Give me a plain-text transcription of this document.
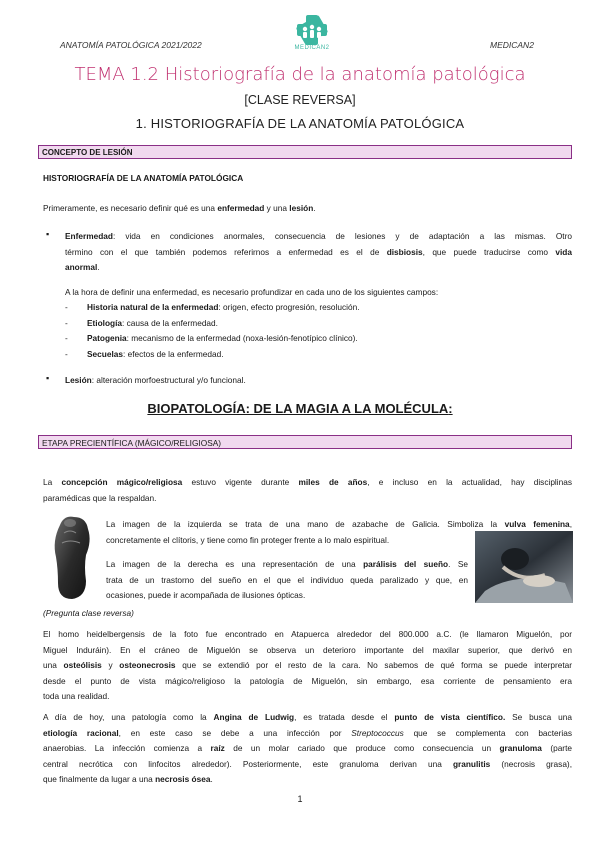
ANATOMÍA PATOLÓGICA 2021/2022	MEDICAN2
MEDICAN2
TEMA 1.2 Historiografía de la anatomía patológica
[CLASE REVERSA]
1. HISTORIOGRAFÍA DE LA ANATOMÍA PATOLÓGICA
CONCEPTO DE LESIÓN
HISTORIOGRAFÍA DE LA ANATOMÍA PATOLÓGICA
Primeramente, es necesario definir qué es una enfermedad y una lesión.
▪ Enfermedad: vida en condiciones anormales, consecuencia de lesiones y de adaptación a las mismas. Otro
término con el que también podemos referirnos a enfermedad es el de disbiosis, que puede traducirse como vida
anormal.
A la hora de definir una enfermedad, es necesario profundizar en cada uno de los siguientes campos:
- Historia natural de la enfermedad: origen, efecto progresión, resolución.
- Etiología: causa de la enfermedad.
- Patogenia: mecanismo de la enfermedad (noxa-lesión-fenotípico clínico).
- Secuelas: efectos de la enfermedad.
▪ Lesión: alteración morfoestructural y/o funcional.
BIOPATOLOGÍA: DE LA MAGIA A LA MOLÉCULA:
ETAPA PRECIENTÍFICA (MÁGICO/RELIGIOSA)
La concepción mágico/religiosa estuvo vigente durante miles de años, e incluso en la actualidad, hay disciplinas
paramédicas que la respaldan.
La imagen de la izquierda se trata de una mano de azabache de Galicia. Simboliza la vulva femenina,
concretamente el clítoris, y tiene como fin proteger frente a lo malo espiritual.
La imagen de la derecha es una representación de una parálisis del sueño. Se
trata de un trastorno del sueño en el que el individuo queda paralizado y que, en
ocasiones, puede ir acompañada de ilusiones ópticas.
(Pregunta clase reversa)
El homo heidelbergensis de la foto fue encontrado en Atapuerca alrededor del 800.000 a.C. (le llamaron Miguelón, por
Miguel Induráin). En el cráneo de Miguelón se observa un deterioro importante del maxilar superior, que derivó en
una osteólisis y osteonecrosis que se extendió por el resto de la cara. No sabemos de qué forma se puede interpretar
desde el punto de vista mágico/religioso la patología de Miguelón, sin embargo, esa corriente de pensamiento era
toda una realidad.
A día de hoy, una patología como la Angina de Ludwig, es tratada desde el punto de vista científico. Se busca una
etiología racional, en este caso se debe a una infección por Streptococcus que se complementa con bacterias
anaerobias. La infección comienza a raíz de un molar cariado que produce como consecuencia un granuloma (parte
central necrótica con linfocitos alrededor). Posteriormente, este granuloma derivan una granulitis (necrosis grasa),
que finalmente da lugar a una necrosis ósea.
1
